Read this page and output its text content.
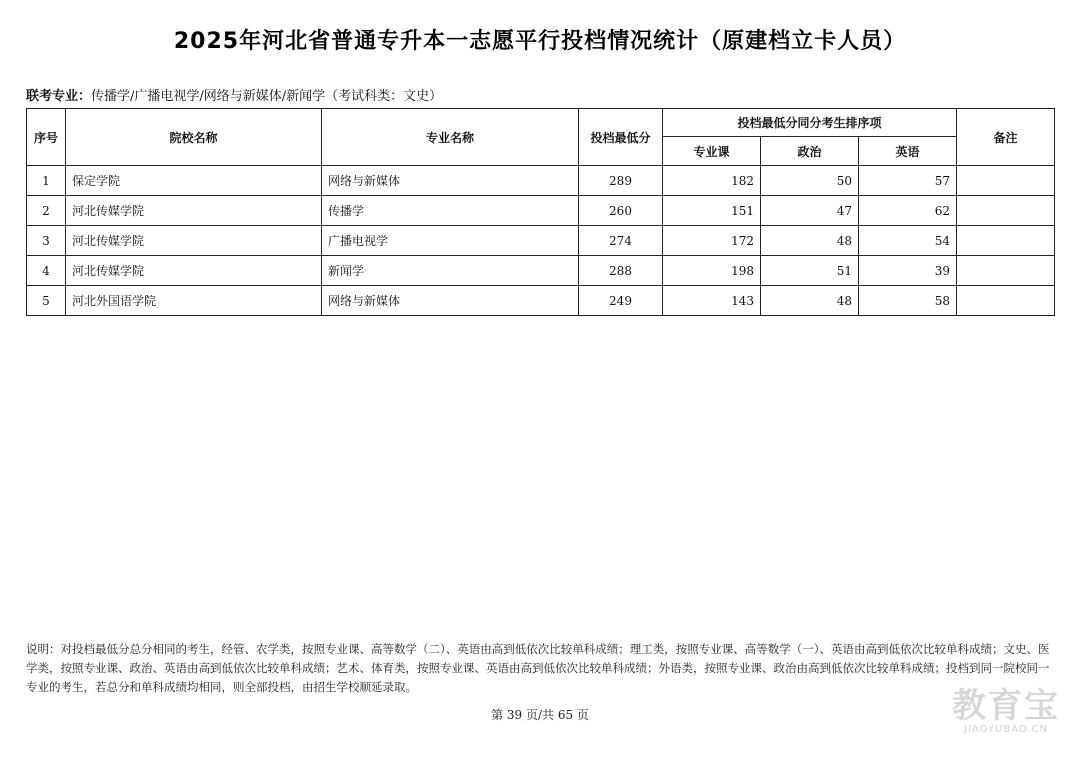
2025年河北省普通专升本一志愿平行投档情况统计（原建档立卡人员）
联考专业：传播学/广播电视学/网络与新媒体/新闻学（考试科类：文史）
序号	院校名称	专业名称	投档最低分	投档最低分同分考生排序项			备注
				专业课	政治	英语	
1	保定学院	网络与新媒体	289	182	50	57	
2	河北传媒学院	传播学	260	151	47	62	
3	河北传媒学院	广播电视学	274	172	48	54	
4	河北传媒学院	新闻学	288	198	51	39	
5	河北外国语学院	网络与新媒体	249	143	48	58	
说明：对投档最低分总分相同的考生，经管、农学类，按照专业课、高等数学（二）、英语由高到低依次比较单科成绩；理工类，按照专业课、高等数学（一）、英语由高到低依次比较单科成绩；文史、医学类，按照专业课、政治、英语由高到低依次比较单科成绩；艺术、体育类，按照专业课、英语由高到低依次比较单科成绩；外语类，按照专业课、政治由高到低依次比较单科成绩；投档到同一院校同一专业的考生，若总分和单科成绩均相同，则全部投档，由招生学校顺延录取。
第 39 页/共 65 页	教育宝
JIAOYUBAO.CN
